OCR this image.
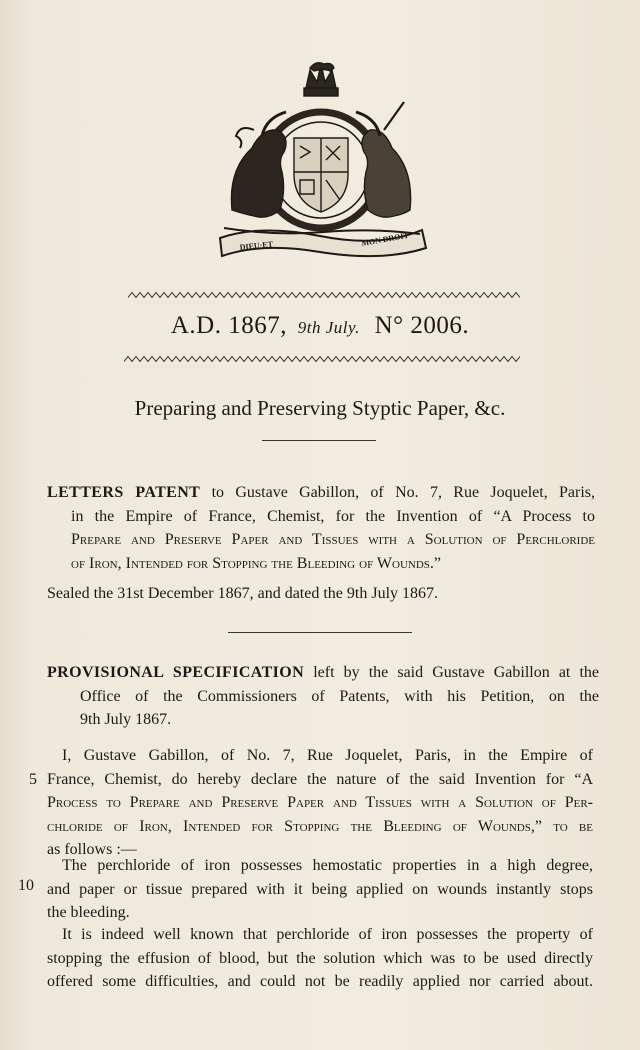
DIEU·ET	MON DROIT
A.D. 1867, 9th July. N° 2006.
Preparing and Preserving Styptic Paper, &c.
LETTERS PATENT to Gustave Gabillon, of No. 7, Rue Joquelet, Paris,
in the Empire of France, Chemist, for the Invention of “A Process to
Prepare and Preserve Paper and Tissues with a Solution of Perchloride
of Iron, Intended for Stopping the Bleeding of Wounds.”
Sealed the 31st December 1867, and dated the 9th July 1867.
PROVISIONAL SPECIFICATION left by the said Gustave Gabillon at the
Office of the Commissioners of Patents, with his Petition, on the
9th July 1867.
5
10
I, Gustave Gabillon, of No. 7, Rue Joquelet, Paris, in the Empire of
France, Chemist, do hereby declare the nature of the said Invention for “A
Process to Prepare and Preserve Paper and Tissues with a Solution of Per-
chloride of Iron, Intended for Stopping the Bleeding of Wounds,” to be
as follows :—
The perchloride of iron possesses hemostatic properties in a high degree,
and paper or tissue prepared with it being applied on wounds instantly stops
the bleeding.
It is indeed well known that perchloride of iron possesses the property of
stopping the effusion of blood, but the solution which was to be used directly
offered some difficulties, and could not be readily applied nor carried about.
